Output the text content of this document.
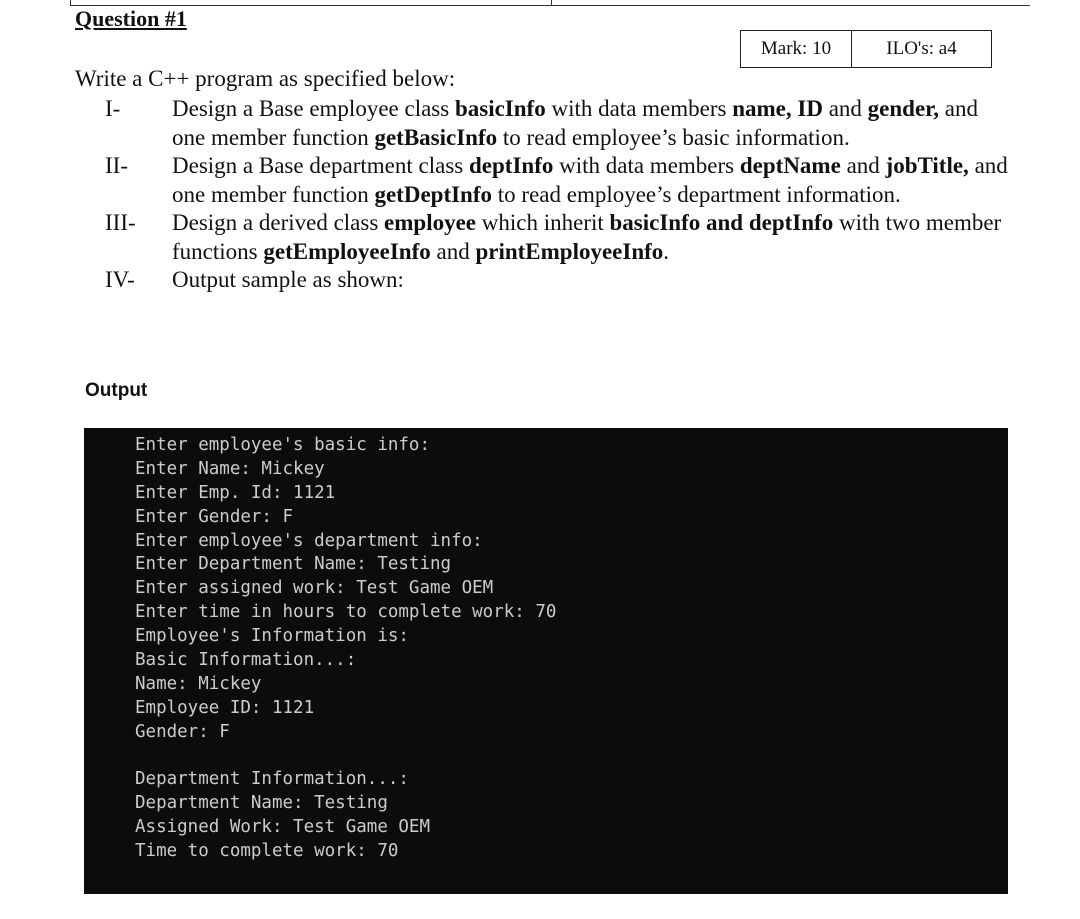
Question #1
Mark: 10	ILO's: a4
Write a C++ program as specified below:
I- Design a Base employee class basicInfo with data members name, ID and gender, and one member function getBasicInfo to read employee’s basic information.
II- Design a Base department class deptInfo with data members deptName and jobTitle, and one member function getDeptInfo to read employee’s department information.
III- Design a derived class employee which inherit basicInfo and deptInfo with two member functions getEmployeeInfo and printEmployeeInfo.
IV- Output sample as shown:
Output
Enter employee's basic info:
Enter Name: Mickey
Enter Emp. Id: 1121
Enter Gender: F
Enter employee's department info:
Enter Department Name: Testing
Enter assigned work: Test Game OEM
Enter time in hours to complete work: 70
Employee's Information is:
Basic Information...:
Name: Mickey
Employee ID: 1121
Gender: F
Department Information...:
Department Name: Testing
Assigned Work: Test Game OEM
Time to complete work: 70
